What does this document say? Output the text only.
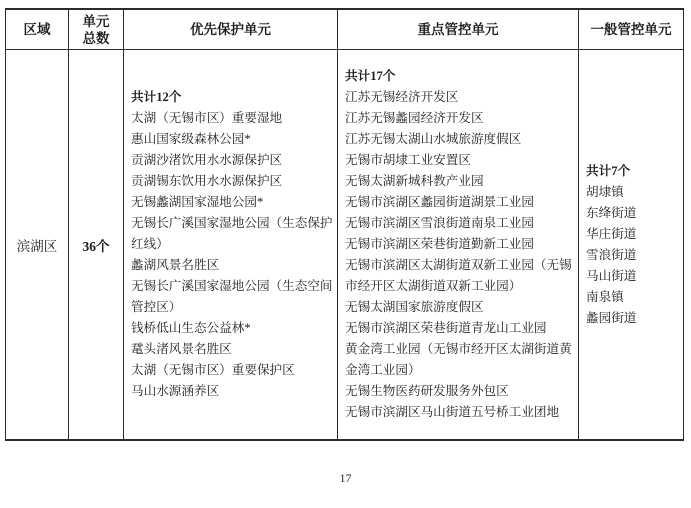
区域
单元总数
优先保护单元	重点管控单元	一般管控单元
滨湖区 36个
共计12个
太湖（无锡市区）重要湿地
惠山国家级森林公园*
贡湖沙渚饮用水水源保护区
贡湖锡东饮用水水源保护区
无锡蠡湖国家湿地公园*
无锡长广溪国家湿地公园（生态保护红线）
蠡湖风景名胜区
无锡长广溪国家湿地公园（生态空间管控区）
钱桥低山生态公益林*
鼋头渚风景名胜区
太湖（无锡市区）重要保护区
马山水源涵养区
共计17个
江苏无锡经济开发区
江苏无锡蠡园经济开发区
江苏无锡太湖山水城旅游度假区
无锡市胡埭工业安置区
无锡太湖新城科教产业园
无锡市滨湖区蠡园街道湖景工业园
无锡市滨湖区雪浪街道南泉工业园
无锡市滨湖区荣巷街道勤新工业园
无锡市滨湖区太湖街道双新工业园（无锡市经开区太湖街道双新工业园）
无锡太湖国家旅游度假区
无锡市滨湖区荣巷街道青龙山工业园
黄金湾工业园（无锡市经开区太湖街道黄金湾工业园）
无锡生物医药研发服务外包区
无锡市滨湖区马山街道五号桥工业团地
共计7个
胡埭镇
东绛街道
华庄街道
雪浪街道
马山街道
南泉镇
蠡园街道
17
